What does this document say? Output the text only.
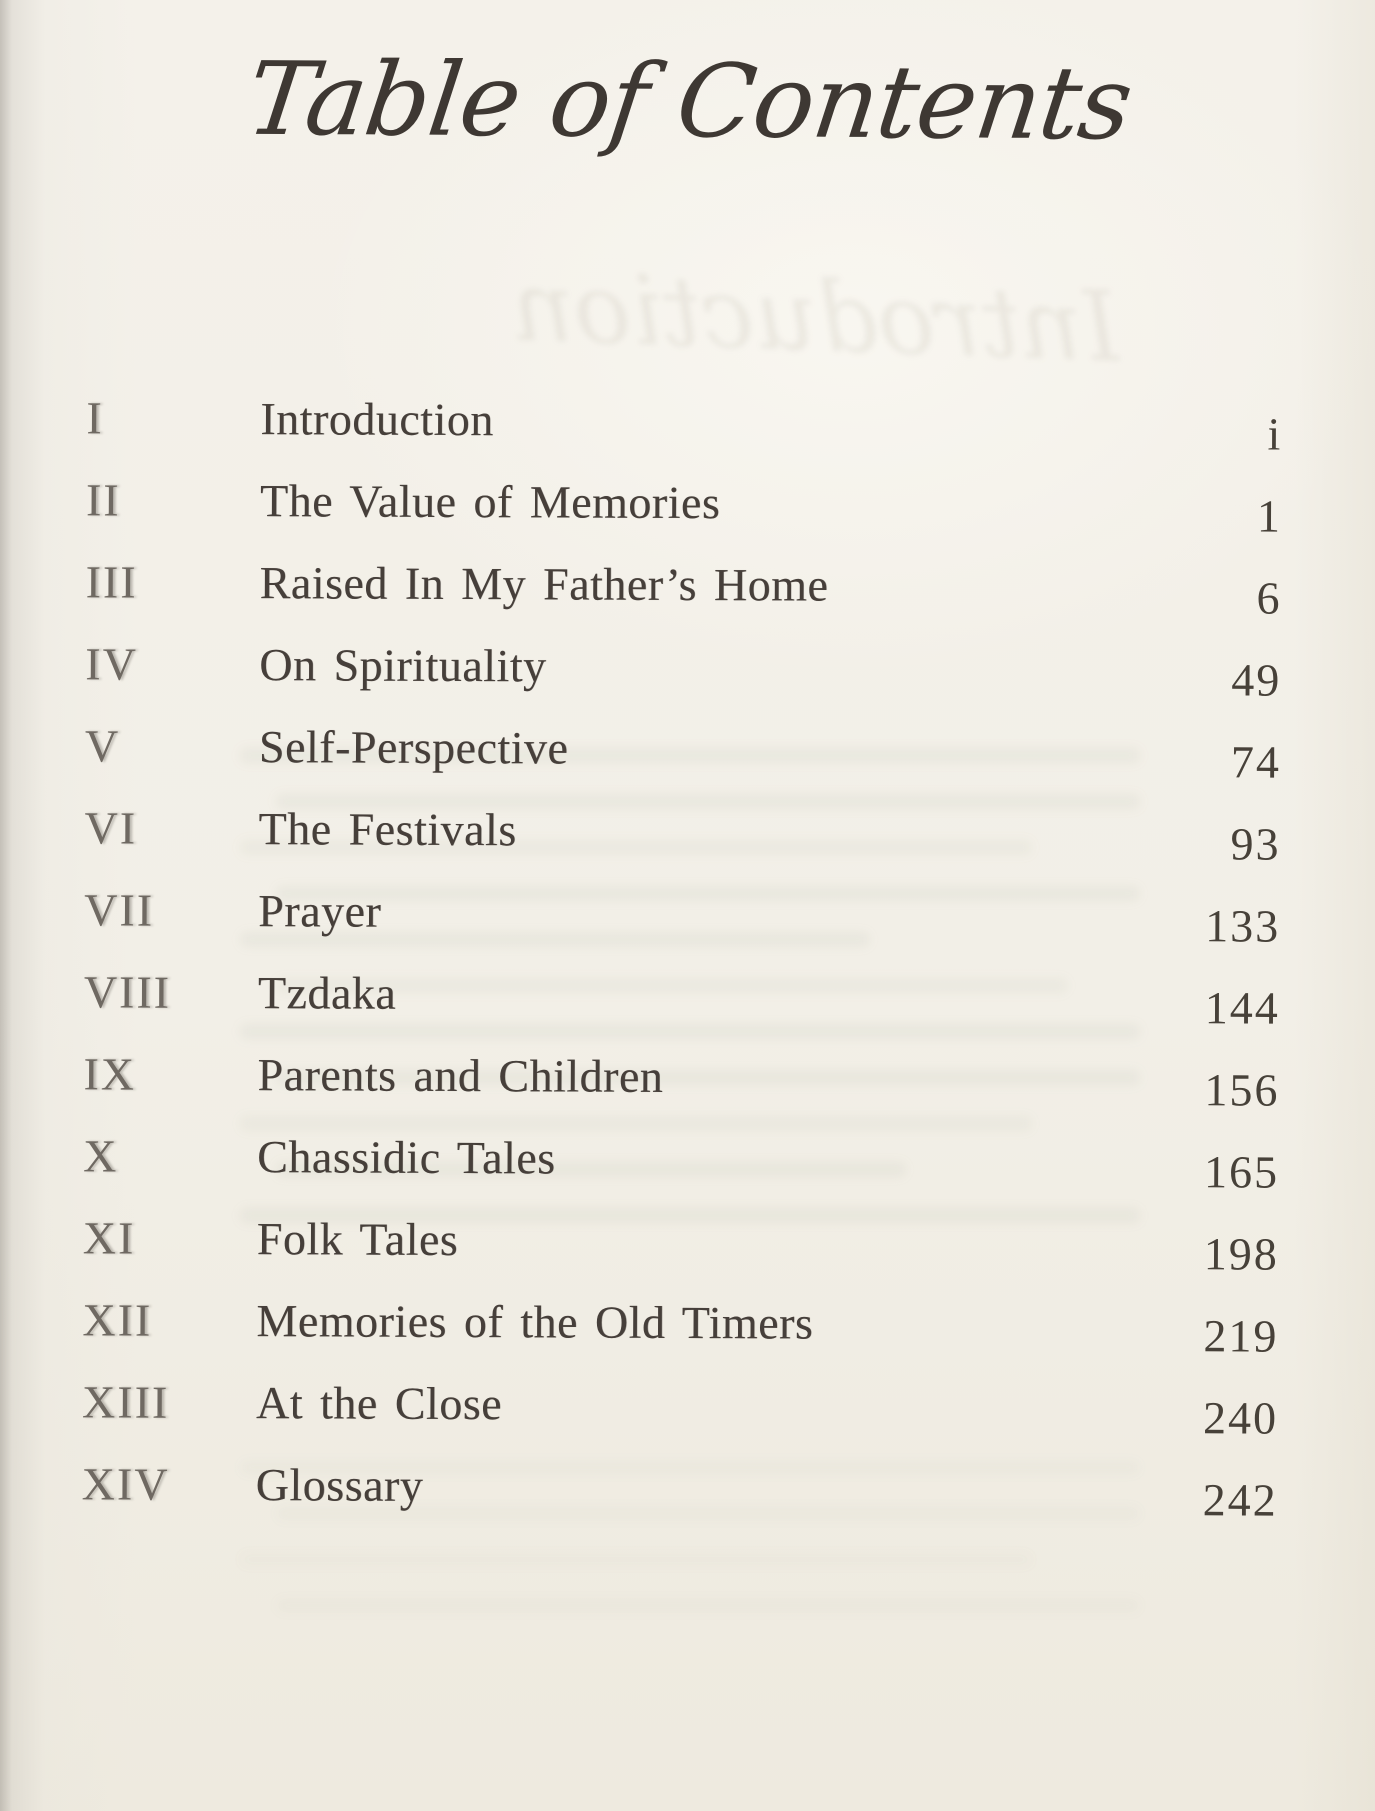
Introduction
Table of Contents
I	Introduction	i
II	The Value of Memories	1
III	Raised In My Father’s Home	6
IV	On Spirituality	49
V	Self-Perspective	74
VI	The Festivals	93
VII	Prayer	133
VIII	Tzdaka	144
IX	Parents and Children	156
X	Chassidic Tales	165
XI	Folk Tales	198
XII	Memories of the Old Timers	219
XIII	At the Close	240
XIV	Glossary	242
